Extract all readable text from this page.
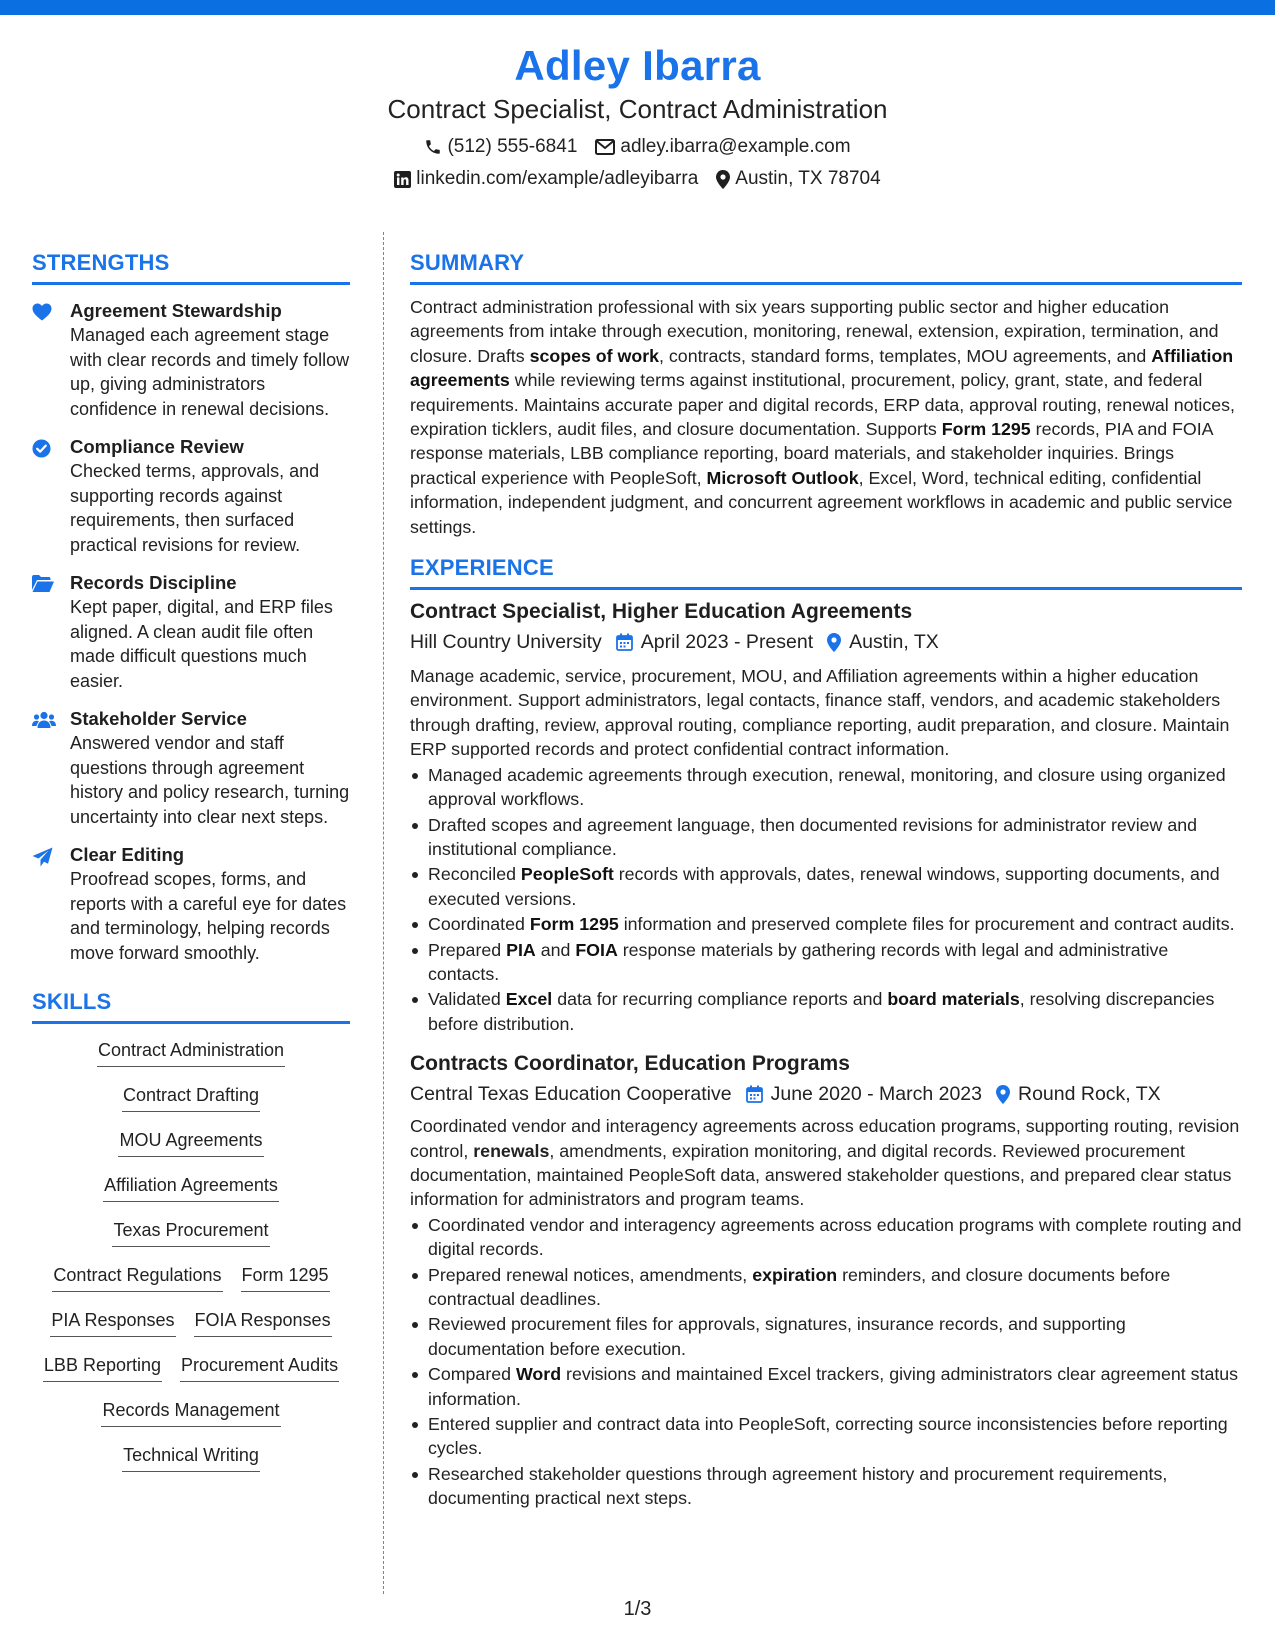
Adley Ibarra
Contract Specialist, Contract Administration
(512) 555-6841 adley.ibarra@example.com
linkedin.com/example/adleyibarra Austin, TX 78704
STRENGTHS
Agreement Stewardship
Managed each agreement stage with clear records and timely follow up, giving administrators confidence in renewal decisions.
Compliance Review
Checked terms, approvals, and supporting records against requirements, then surfaced practical revisions for review.
Records Discipline
Kept paper, digital, and ERP files aligned. A clean audit file often made difficult questions much easier.
Stakeholder Service
Answered vendor and staff questions through agreement history and policy research, turning uncertainty into clear next steps.
Clear Editing
Proofread scopes, forms, and reports with a careful eye for dates and terminology, helping records move forward smoothly.
SKILLS
Contract Administration
Contract Drafting
MOU Agreements
Affiliation Agreements
Texas Procurement
Contract Regulations Form 1295
PIA Responses FOIA Responses
LBB Reporting Procurement Audits
Records Management
Technical Writing
SUMMARY
Contract administration professional with six years supporting public sector and higher education agreements from intake through execution, monitoring, renewal, extension, expiration, termination, and closure. Drafts scopes of work, contracts, standard forms, templates, MOU agreements, and Affiliation agreements while reviewing terms against institutional, procurement, policy, grant, state, and federal requirements. Maintains accurate paper and digital records, ERP data, approval routing, renewal notices, expiration ticklers, audit files, and closure documentation. Supports Form 1295 records, PIA and FOIA response materials, LBB compliance reporting, board materials, and stakeholder inquiries. Brings practical experience with PeopleSoft, Microsoft Outlook, Excel, Word, technical editing, confidential information, independent judgment, and concurrent agreement workflows in academic and public service settings.
EXPERIENCE
Contract Specialist, Higher Education Agreements
Hill Country University April 2023 - Present Austin, TX
Manage academic, service, procurement, MOU, and Affiliation agreements within a higher education environment. Support administrators, legal contacts, finance staff, vendors, and academic stakeholders through drafting, review, approval routing, compliance reporting, audit preparation, and closure. Maintain ERP supported records and protect confidential contract information.
Managed academic agreements through execution, renewal, monitoring, and closure using organized approval workflows.
Drafted scopes and agreement language, then documented revisions for administrator review and institutional compliance.
Reconciled PeopleSoft records with approvals, dates, renewal windows, supporting documents, and executed versions.
Coordinated Form 1295 information and preserved complete files for procurement and contract audits.
Prepared PIA and FOIA response materials by gathering records with legal and administrative contacts.
Validated Excel data for recurring compliance reports and board materials, resolving discrepancies before distribution.
Contracts Coordinator, Education Programs
Central Texas Education Cooperative June 2020 - March 2023 Round Rock, TX
Coordinated vendor and interagency agreements across education programs, supporting routing, revision control, renewals, amendments, expiration monitoring, and digital records. Reviewed procurement documentation, maintained PeopleSoft data, answered stakeholder questions, and prepared clear status information for administrators and program teams.
Coordinated vendor and interagency agreements across education programs with complete routing and digital records.
Prepared renewal notices, amendments, expiration reminders, and closure documents before contractual deadlines.
Reviewed procurement files for approvals, signatures, insurance records, and supporting documentation before execution.
Compared Word revisions and maintained Excel trackers, giving administrators clear agreement status information.
Entered supplier and contract data into PeopleSoft, correcting source inconsistencies before reporting cycles.
Researched stakeholder questions through agreement history and procurement requirements, documenting practical next steps.
1/3
